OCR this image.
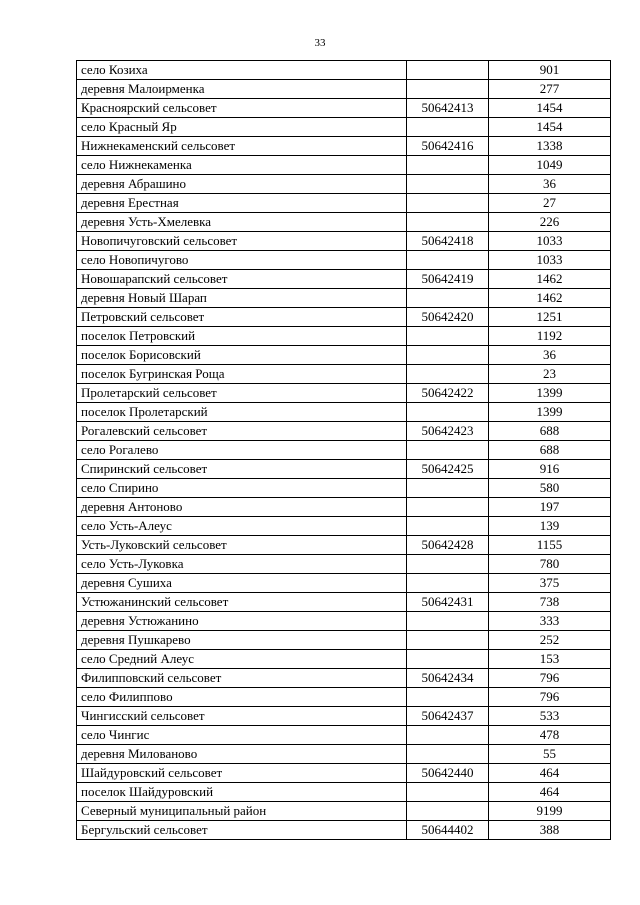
33
село Козиха		901
деревня Малоирменка		277
Красноярский сельсовет	50642413	1454
село Красный Яр		1454
Нижнекаменский сельсовет	50642416	1338
село Нижнекаменка		1049
деревня Абрашино		36
деревня Ерестная		27
деревня Усть-Хмелевка		226
Новопичуговский сельсовет	50642418	1033
село Новопичугово		1033
Новошарапский сельсовет	50642419	1462
деревня Новый Шарап		1462
Петровский сельсовет	50642420	1251
поселок Петровский		1192
поселок Борисовский		36
поселок Бугринская Роща		23
Пролетарский сельсовет	50642422	1399
поселок Пролетарский		1399
Рогалевский сельсовет	50642423	688
село Рогалево		688
Спиринский сельсовет	50642425	916
село Спирино		580
деревня Антоново		197
село Усть-Алеус		139
Усть-Луковский сельсовет	50642428	1155
село Усть-Луковка		780
деревня Сушиха		375
Устюжанинский сельсовет	50642431	738
деревня Устюжанино		333
деревня Пушкарево		252
село Средний Алеус		153
Филипповский сельсовет	50642434	796
село Филиппово		796
Чингисский сельсовет	50642437	533
село Чингис		478
деревня Милованово		55
Шайдуровский сельсовет	50642440	464
поселок Шайдуровский		464
Северный муниципальный район		9199
Бергульский сельсовет	50644402	388
